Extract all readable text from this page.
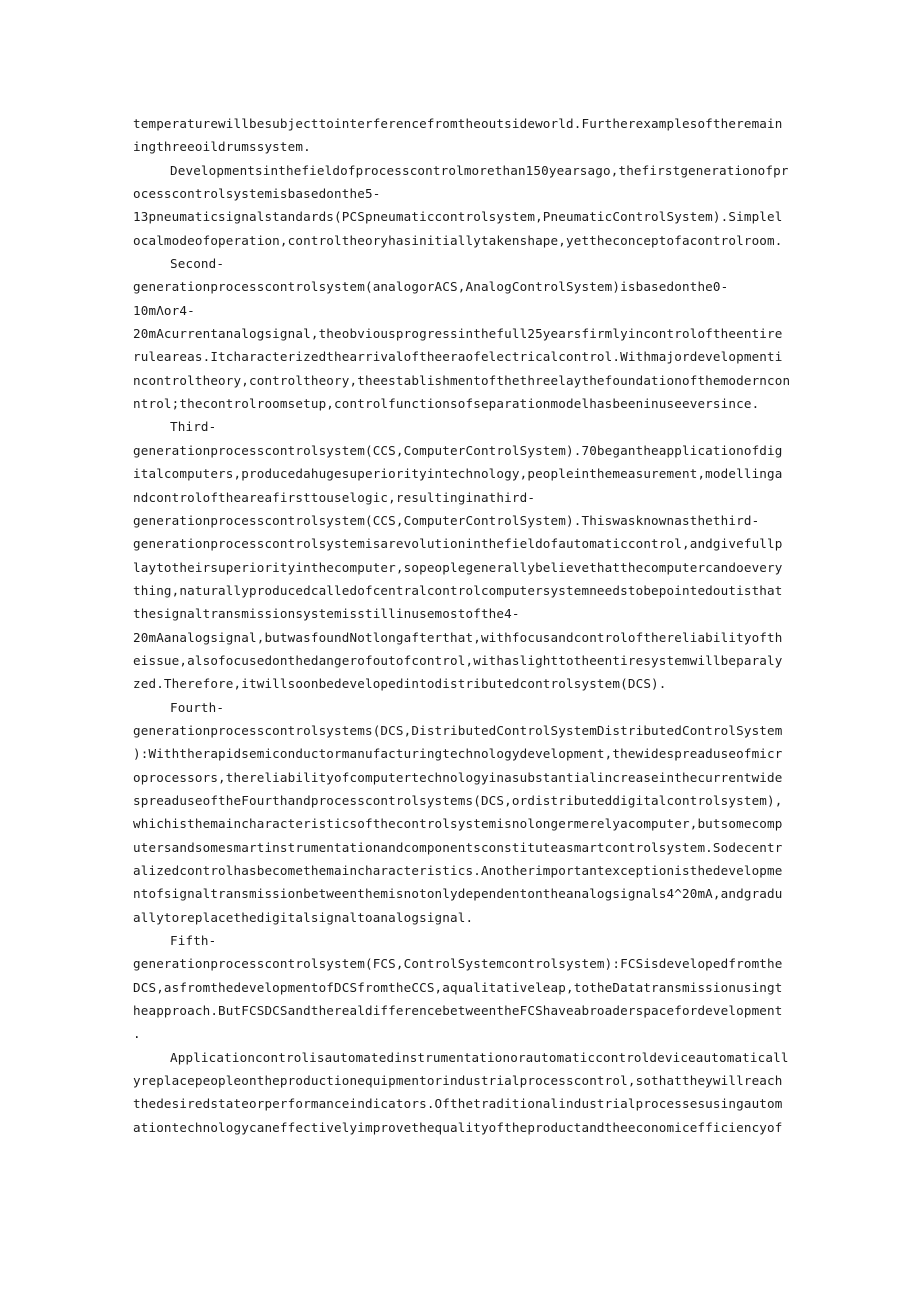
temperaturewillbesubjecttointerferencefromtheoutsideworld.Furtherexamplesoftheremain
ingthreeoildrumssystem.
Developmentsinthefieldofprocesscontrolmorethan150yearsago,thefirstgenerationofpr
ocesscontrolsystemisbasedonthe5-
13pneumaticsignalstandards(PCSpneumaticcontrolsystem,PneumaticControlSystem).Simplel
ocalmodeofoperation,controltheoryhasinitiallytakenshape,yettheconceptofacontrolroom.
Second-
generationprocesscontrolsystem(analogorACS,AnalogControlSystem)isbasedonthe0-
10mΛor4-
20mAcurrentanalogsignal,theobviousprogressinthefull25yearsfirmlyincontroloftheentire
ruleareas.Itcharacterizedthearrivaloftheeraofelectricalcontrol.Withmajordevelopmenti
ncontroltheory,controltheory,theestablishmentofthethreelaythefoundationofthemoderncon
ntrol;thecontrolroomsetup,controlfunctionsofseparationmodelhasbeeninuseeversince.
Third-
generationprocesscontrolsystem(CCS,ComputerControlSystem).70begantheapplicationofdig
italcomputers,producedahugesuperiorityintechnology,peopleinthemeasurement,modellinga
ndcontroloftheareafirsttouselogic,resultinginathird-
generationprocesscontrolsystem(CCS,ComputerControlSystem).Thiswasknownasthethird-
generationprocesscontrolsystemisarevolutioninthefieldofautomaticcontrol,andgivefullp
laytotheirsuperiorityinthecomputer,sopeoplegenerallybelievethatthecomputercandoevery
thing,naturallyproducedcalledofcentralcontrolcomputersystemneedstobepointedoutisthat
thesignaltransmissionsystemisstillinusemostofthe4-
20mAanalogsignal,butwasfoundNotlongafterthat,withfocusandcontrolofthereliabilityofth
eissue,alsofocusedonthedangerofoutofcontrol,withaslighttotheentiresystemwillbeparaly
zed.Therefore,itwillsoonbedevelopedintodistributedcontrolsystem(DCS).
Fourth-
generationprocesscontrolsystems(DCS,DistributedControlSystemDistributedControlSystem
):Withtherapidsemiconductormanufacturingtechnologydevelopment,thewidespreaduseofmicr
oprocessors,thereliabilityofcomputertechnologyinasubstantialincreaseinthecurrentwide
spreaduseoftheFourthandprocesscontrolsystems(DCS,ordistributeddigitalcontrolsystem),
whichisthemaincharacteristicsofthecontrolsystemisnolongermerelyacomputer,butsomecomp
utersandsomesmartinstrumentationandcomponentsconstituteasmartcontrolsystem.Sodecentr
alizedcontrolhasbecomethemaincharacteristics.Anotherimportantexceptionisthedevelopme
ntofsignaltransmissionbetweenthemisnotonlydependentontheanalogsignals4^20mA,andgradu
allytoreplacethedigitalsignaltoanalogsignal.
Fifth-
generationprocesscontrolsystem(FCS,ControlSystemcontrolsystem):FCSisdevelopedfromthe
DCS,asfromthedevelopmentofDCSfromtheCCS,aqualitativeleap,totheDatatransmissionusingt
heapproach.ButFCSDCSandtherealdifferencebetweentheFCShaveabroaderspacefordevelopment
.
Applicationcontrolisautomatedinstrumentationorautomaticcontroldeviceautomaticall
yreplacepeopleontheproductionequipmentorindustrialprocesscontrol,sothattheywillreach
thedesiredstateorperformanceindicators.Ofthetraditionalindustrialprocessesusingautom
ationtechnologycaneffectivelyimprovethequalityoftheproductandtheeconomicefficiencyof
